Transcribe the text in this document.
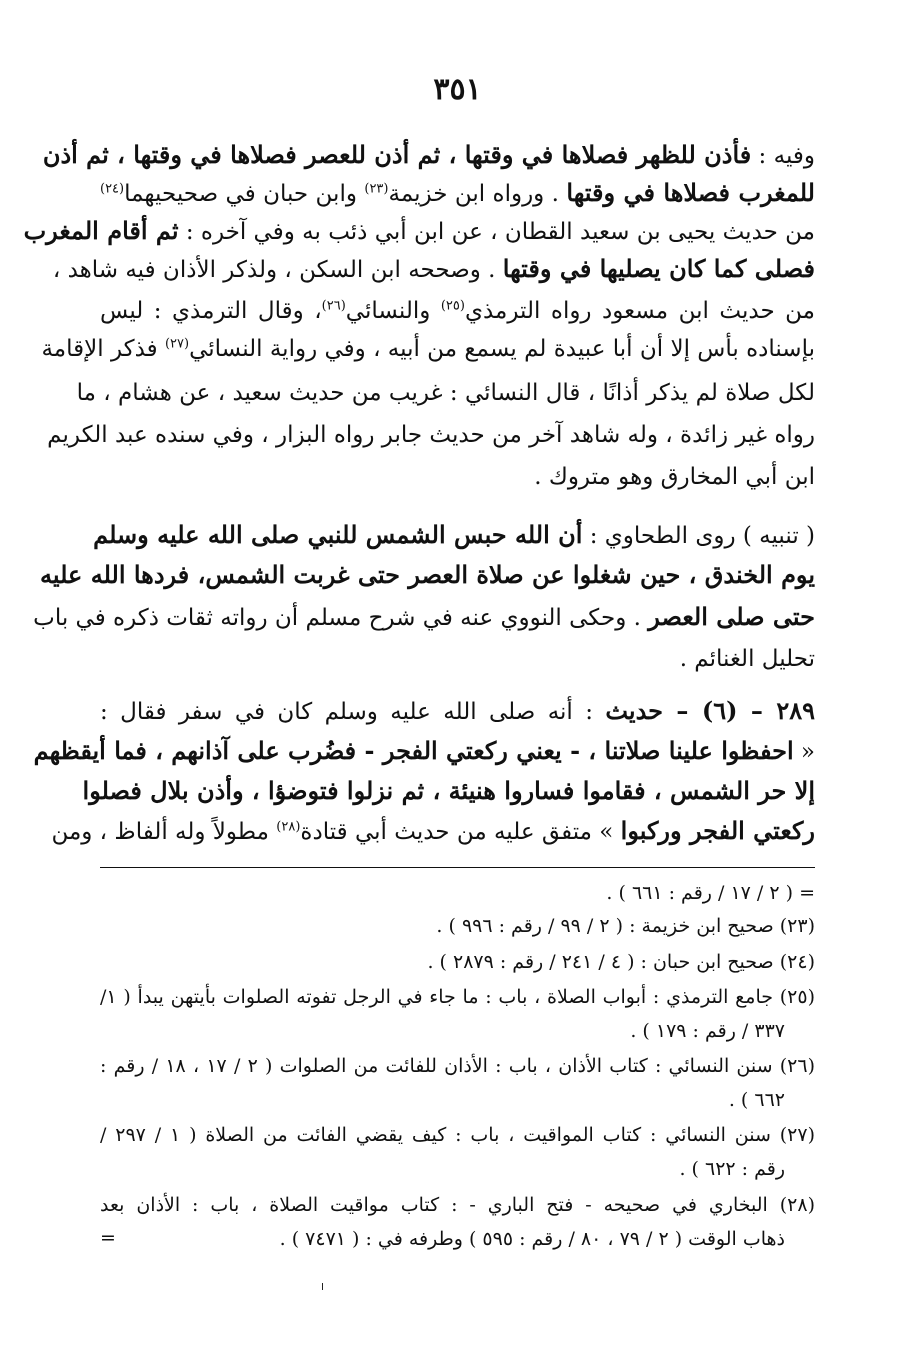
٣٥١
وفيه : فأذن للظهر فصلاها في وقتها ، ثم أذن للعصر فصلاها في وقتها ، ثم أذن
للمغرب فصلاها في وقتها . ورواه ابن خزيمة$^{(٢٣)}$ وابن حبان في صحيحيهما$^{(٢٤)}$
من حديث يحيى بن سعيد القطان ، عن ابن أبي ذئب به وفي آخره : ثم أقام المغرب
فصلى كما كان يصليها في وقتها . وصححه ابن السكن ، ولذكر الأذان فيه شاهد ،
من حديث ابن مسعود رواه الترمذي$^{(٢٥)}$ والنسائي$^{(٢٦)}$، وقال الترمذي : ليس
بإسناده بأس إلا أن أبا عبيدة لم يسمع من أبيه ، وفي رواية النسائي$^{(٢٧)}$ فذكر الإقامة
لكل صلاة لم يذكر أذانًا ، قال النسائي : غريب من حديث سعيد ، عن هشام ، ما
رواه غير زائدة ، وله شاهد آخر من حديث جابر رواه البزار ، وفي سنده عبد الكريم
ابن أبي المخارق وهو متروك .
( تنبيه ) روى الطحاوي : أن الله حبس الشمس للنبي صلى الله عليه وسلم
يوم الخندق ، حين شغلوا عن صلاة العصر حتى غربت الشمس، فردها الله عليه
حتى صلى العصر . وحكى النووي عنه في شرح مسلم أن رواته ثقات ذكره في باب
تحليل الغنائم .
٢٨٩ – (٦) – حديث : أنه صلى الله عليه وسلم كان في سفر فقال :
« احفظوا علينا صلاتنا ، - يعني ركعتي الفجر - فضُرب على آذانهم ، فما أيقظهم
إلا حر الشمس ، فقاموا فساروا هنيئة ، ثم نزلوا فتوضؤا ، وأذن بلال فصلوا
ركعتي الفجر وركبوا » متفق عليه من حديث أبي قتادة$^{(٢٨)}$ مطولاً وله ألفاظ ، ومن
= ( ٢ / ١٧ / رقم : ٦٦١ ) .
(٢٣) صحيح ابن خزيمة : ( ٢ / ٩٩ / رقم : ٩٩٦ ) .
(٢٤) صحيح ابن حبان : ( ٤ / ٢٤١ / رقم : ٢٨٧٩ ) .
(٢٥) جامع الترمذي : أبواب الصلاة ، باب : ما جاء في الرجل تفوته الصلوات بأيتهن يبدأ ( ١/
٣٣٧ / رقم : ١٧٩ ) .
(٢٦) سنن النسائي : كتاب الأذان ، باب : الأذان للفائت من الصلوات ( ٢ / ١٧ ، ١٨ / رقم :
٦٦٢ ) .
(٢٧) سنن النسائي : كتاب المواقيت ، باب : كيف يقضي الفائت من الصلاة ( ١ / ٢٩٧ /
رقم : ٦٢٢ ) .
(٢٨) البخاري في صحيحه - فتح الباري - : كتاب مواقيت الصلاة ، باب : الأذان بعد
ذهاب الوقت ( ٢ / ٧٩ ، ٨٠ / رقم : ٥٩٥ ) وطرفه في : ( ٧٤٧١ ) .
=
